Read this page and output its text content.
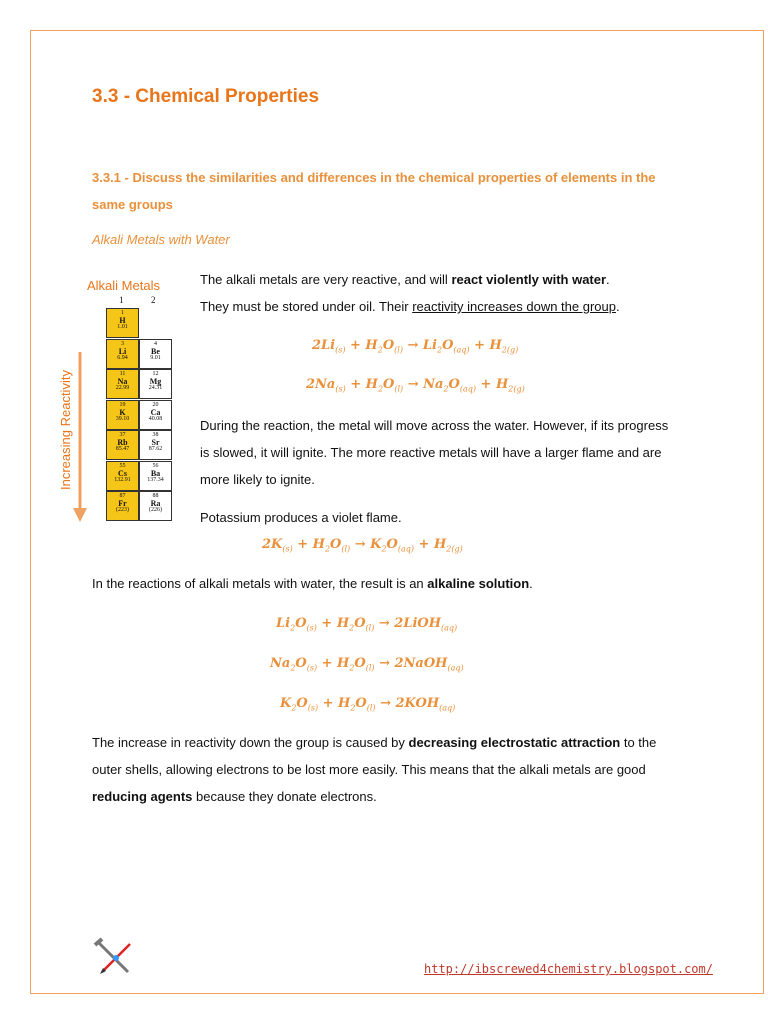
3.3 - Chemical Properties
3.3.1 - Discuss the similarities and differences in the chemical properties of elements in the same groups
Alkali Metals with Water
Alkali Metals
1	2
1
H
1.01
3
Li
6.94
11
Na
22.99
19
K
39.10
37
Rb
85.47
55
Cs
132.91
87
Fr
(223)
4
Be
9.01
12
Mg
24.31
20
Ca
40.08
38
Sr
87.62
56
Ba
137.34
88
Ra
(226)
Increasing Reactivity
The alkali metals are very reactive, and will react violently with water.
They must be stored under oil. Their reactivity increases down the group.
$2Li_{(s)} + H_2O_{(l)} \to Li_2O_{(aq)} + H_{2(g)}$
$2Na_{(s)} + H_2O_{(l)} \to Na_2O_{(aq)} + H_{2(g)}$
During the reaction, the metal will move across the water. However, if its progress is slowed, it will ignite. The more reactive metals will have a larger flame and are more likely to ignite.
Potassium produces a violet flame.
$2K_{(s)} + H_2O_{(l)} \to K_2O_{(aq)} + H_{2(g)}$
In the reactions of alkali metals with water, the result is an alkaline solution.
$Li_2O_{(s)} + H_2O_{(l)}$ → 2LiOH$_{(aq)}$
$Na_2O_{(s)} + H_2O_{(l)}$ → 2NaOH$_{(aq)}$
$K_2O_{(s)} + H_2O_{(l)} \to 2KOH_{(aq)}$
The increase in reactivity down the group is caused by decreasing electrostatic attraction to the outer shells, allowing electrons to be lost more easily. This means that the alkali metals are good reducing agents because they donate electrons.
http://ibscrewed4chemistry.blogspot.com/
